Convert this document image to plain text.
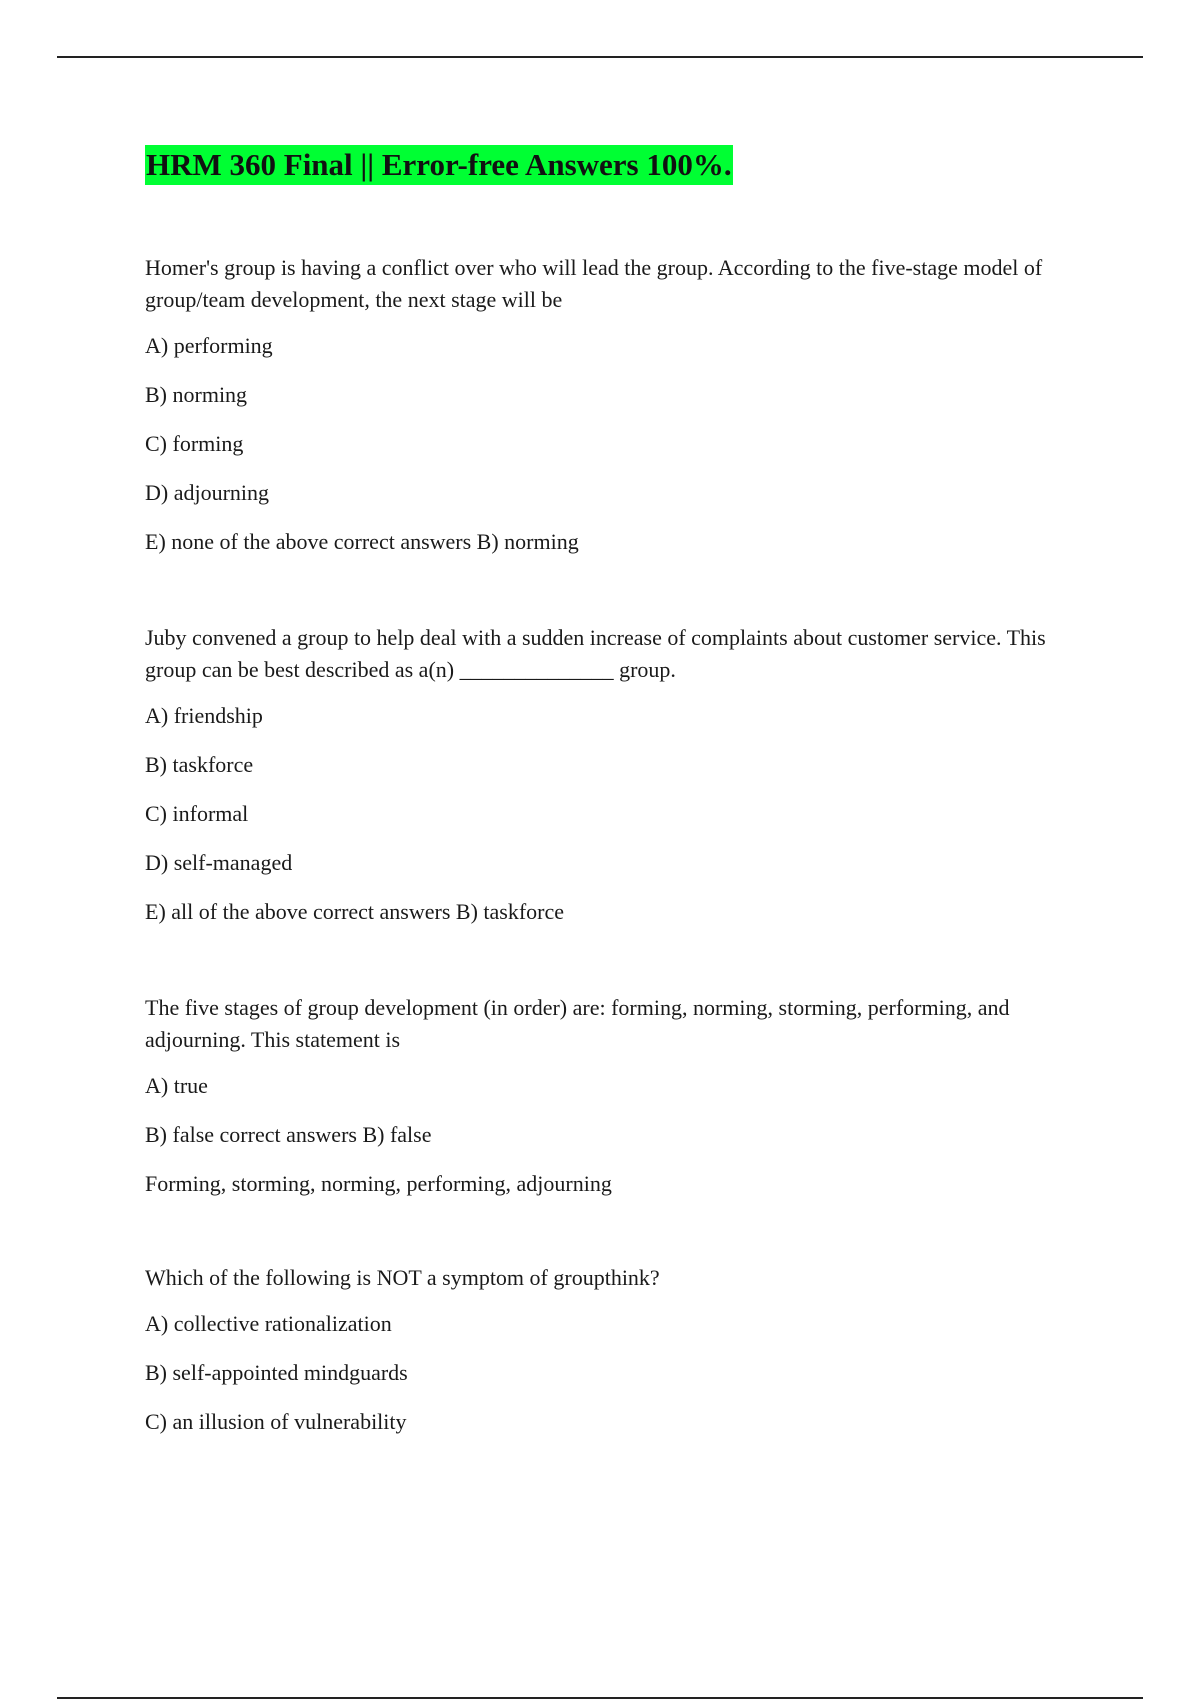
HRM 360 Final || Error-free Answers 100%.

Homer's group is having a conflict over who will lead the group. According to the five-stage model of group/team development, the next stage will be

A) performing

B) norming

C) forming

D) adjourning

E) none of the above correct answers B) norming

Juby convened a group to help deal with a sudden increase of complaints about customer service. This group can be best described as a(n) ______________ group.

A) friendship

B) taskforce

C) informal

D) self-managed

E) all of the above correct answers B) taskforce

The five stages of group development (in order) are: forming, norming, storming, performing, and adjourning. This statement is

A) true

B) false correct answers B) false

Forming, storming, norming, performing, adjourning

Which of the following is NOT a symptom of groupthink?

A) collective rationalization

B) self-appointed mindguards

C) an illusion of vulnerability
